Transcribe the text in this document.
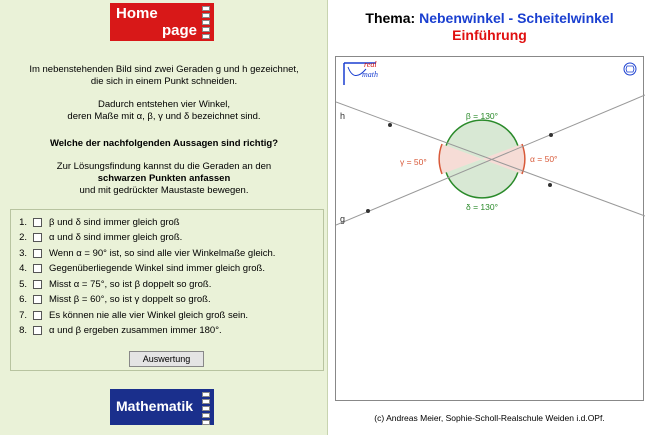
Home
page
Im nebenstehenden Bild sind zwei Geraden g und h gezeichnet,
die sich in einem Punkt schneiden.
Dadurch entstehen vier Winkel,
deren Maße mit α, β, γ und δ bezeichnet sind.
Welche der nachfolgenden Aussagen sind richtig?
Zur Lösungsfindung kannst du die Geraden an den
schwarzen Punkten anfassen
und mit gedrückter Maustaste bewegen.
1.	β und δ sind immer gleich groß
2.	α und δ sind immer gleich groß.
3.	Wenn α = 90° ist, so sind alle vier Winkelmaße gleich.
4.	Gegenüberliegende Winkel sind immer gleich groß.
5.	Misst α = 75°, so ist β doppelt so groß.
6.	Misst β = 60°, so ist γ doppelt so groß.
7.	Es können nie alle vier Winkel gleich groß sein.
8.	α und β ergeben zusammen immer 180°.
Auswertung
Mathematik
Thema: Nebenwinkel - Scheitelwinkel
Einführung
real
math
h
g
β = 130°
δ = 130°
α = 50°
γ = 50°
(c) Andreas Meier, Sophie-Scholl-Realschule Weiden i.d.OPf.
